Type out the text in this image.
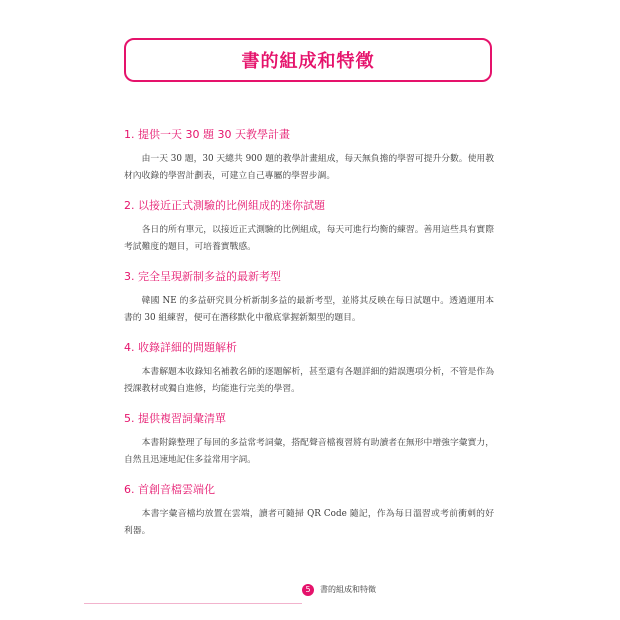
書的組成和特徵
1. 提供一天 30 題 30 天教學計畫

由一天 30 題，30 天總共 900 題的教學計畫組成，每天無負擔的學習可提升分數。使用教材內收錄的學習計劃表，可建立自己專屬的學習步調。

2. 以接近正式測驗的比例組成的迷你試題

各日的所有單元，以接近正式測驗的比例組成，每天可進行均衡的練習。善用這些具有實際考試難度的題目，可培養實戰感。

3. 完全呈現新制多益的最新考型

韓國 NE 的多益研究員分析新制多益的最新考型，並將其反映在每日試題中。透過運用本書的 30 組練習，便可在潛移默化中徹底掌握新類型的題目。

4. 收錄詳細的問題解析

本書解題本收錄知名補教名師的逐題解析，甚至還有各題詳細的錯誤選項分析，不管是作為授課教材或獨自進修，均能進行完美的學習。

5. 提供複習詞彙清單

本書附錄整理了每回的多益常考詞彙，搭配聲音檔複習將有助讀者在無形中增強字彙實力，自然且迅速地記住多益常用字詞。

6. 首創音檔雲端化

本書字彙音檔均放置在雲端，讀者可隨掃 QR Code 隨記，作為每日溫習或考前衝刺的好利器。

5	書的組成和特徵
